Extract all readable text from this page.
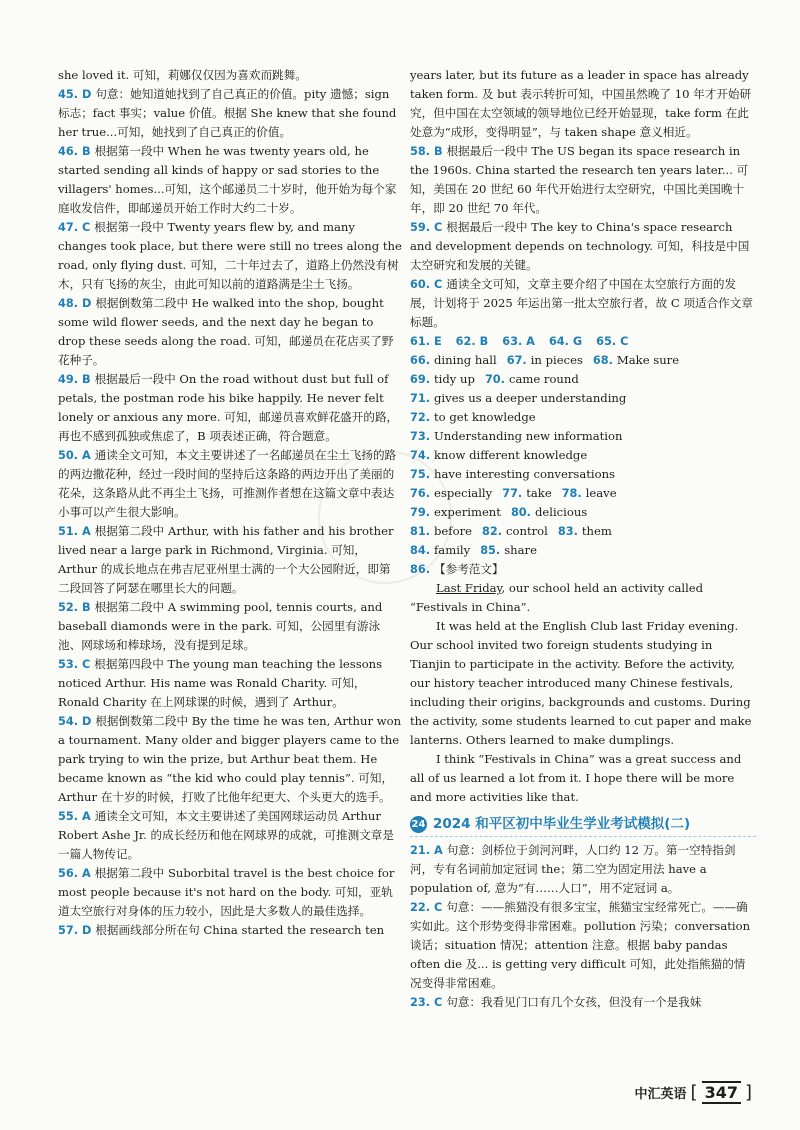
she loved it. 可知，莉娜仅仅因为喜欢而跳舞。

45. D 句意：她知道她找到了自己真正的价值。pity 遗憾；sign 标志；fact 事实；value 价值。根据 She knew that she found her true...可知，她找到了自己真正的价值。

46. B 根据第一段中 When he was twenty years old, he started sending all kinds of happy or sad stories to the villagers' homes...可知，这个邮递员二十岁时，他开始为每个家庭收发信件，即邮递员开始工作时大约二十岁。

47. C 根据第一段中 Twenty years flew by, and many changes took place, but there were still no trees along the road, only flying dust. 可知，二十年过去了，道路上仍然没有树木，只有飞扬的灰尘，由此可知以前的道路满是尘土飞扬。

48. D 根据倒数第二段中 He walked into the shop, bought some wild flower seeds, and the next day he began to drop these seeds along the road. 可知，邮递员在花店买了野花种子。

49. B 根据最后一段中 On the road without dust but full of petals, the postman rode his bike happily. He never felt lonely or anxious any more. 可知，邮递员喜欢鲜花盛开的路，再也不感到孤独或焦虑了，B 项表述正确，符合题意。

50. A 通读全文可知，本文主要讲述了一名邮递员在尘土飞扬的路的两边撒花种，经过一段时间的坚持后这条路的两边开出了美丽的花朵，这条路从此不再尘土飞扬，可推测作者想在这篇文章中表达小事可以产生很大影响。

51. A 根据第二段中 Arthur, with his father and his brother lived near a large park in Richmond, Virginia. 可知，Arthur 的成长地点在弗吉尼亚州里士满的一个大公园附近，即第二段回答了阿瑟在哪里长大的问题。

52. B 根据第二段中 A swimming pool, tennis courts, and baseball diamonds were in the park. 可知，公园里有游泳池、网球场和棒球场，没有提到足球。

53. C 根据第四段中 The young man teaching the lessons noticed Arthur. His name was Ronald Charity. 可知，Ronald Charity 在上网球课的时候，遇到了 Arthur。

54. D 根据倒数第二段中 By the time he was ten, Arthur won a tournament. Many older and bigger players came to the park trying to win the prize, but Arthur beat them. He became known as “the kid who could play tennis”. 可知，Arthur 在十岁的时候，打败了比他年纪更大、个头更大的选手。

55. A 通读全文可知，本文主要讲述了美国网球运动员 Arthur Robert Ashe Jr. 的成长经历和他在网球界的成就，可推测文章是一篇人物传记。

56. A 根据第二段中 Suborbital travel is the best choice for most people because it's not hard on the body. 可知，亚轨道太空旅行对身体的压力较小，因此是大多数人的最佳选择。

57. D 根据画线部分所在句 China started the research ten

years later, but its future as a leader in space has already taken form. 及 but 表示转折可知，中国虽然晚了 10 年才开始研究，但中国在太空领域的领导地位已经开始显现，take form 在此处意为“成形，变得明显”，与 taken shape 意义相近。

58. B 根据最后一段中 The US began its space research in the 1960s. China started the research ten years later... 可知，美国在 20 世纪 60 年代开始进行太空研究，中国比美国晚十年，即 20 世纪 70 年代。

59. C 根据最后一段中 The key to China's space research and development depends on technology. 可知，科技是中国太空研究和发展的关键。

60. C 通读全文可知，文章主要介绍了中国在太空旅行方面的发展，计划将于 2025 年运出第一批太空旅行者，故 C 项适合作文章标题。

61. E 62. B 63. A 64. G 65. C

66. dining hall 67. in pieces 68. Make sure

69. tidy up 70. came round

71. gives us a deeper understanding

72. to get knowledge

73. Understanding new information

74. know different knowledge

75. have interesting conversations

76. especially 77. take 78. leave

79. experiment 80. delicious

81. before 82. control 83. them

84. family 85. share

86. 【参考范文】

Last Friday, our school held an activity called “Festivals in China”.

It was held at the English Club last Friday evening. Our school invited two foreign students studying in Tianjin to participate in the activity. Before the activity, our history teacher introduced many Chinese festivals, including their origins, backgrounds and customs. During the activity, some students learned to cut paper and make lanterns. Others learned to make dumplings.

I think “Festivals in China” was a great success and all of us learned a lot from it. I hope there will be more and more activities like that.

24 2024 和平区初中毕业生学业考试模拟(二)

21. A 句意：剑桥位于剑河河畔，人口约 12 万。第一空特指剑河，专有名词前加定冠词 the；第二空为固定用法 have a population of, 意为“有……人口”，用不定冠词 a。

22. C 句意：——熊猫没有很多宝宝，熊猫宝宝经常死亡。——确实如此。这个形势变得非常困难。pollution 污染；conversation 谈话；situation 情况；attention 注意。根据 baby pandas often die 及... is getting very difficult 可知，此处指熊猫的情况变得非常困难。

23. C 句意：我看见门口有几个女孩，但没有一个是我妹

中汇英语 [ 347 ]
